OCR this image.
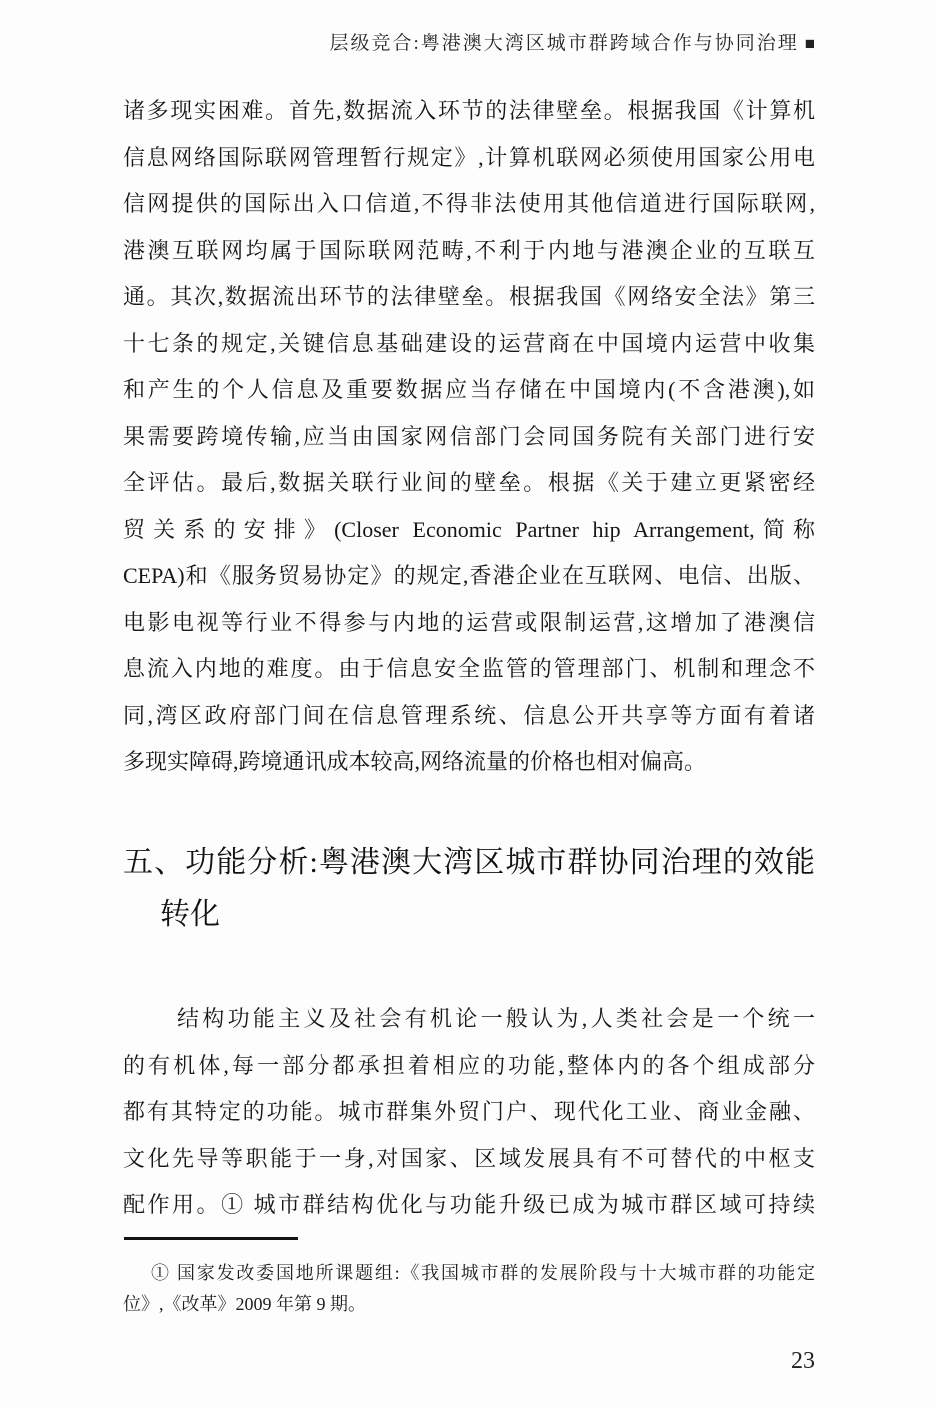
层级竞合:粤港澳大湾区城市群跨域合作与协同治理 ■
诸多现实困难。首先,数据流入环节的法律壁垒。根据我国《计算机
信息网络国际联网管理暂行规定》,计算机联网必须使用国家公用电
信网提供的国际出入口信道,不得非法使用其他信道进行国际联网,
港澳互联网均属于国际联网范畴,不利于内地与港澳企业的互联互
通。其次,数据流出环节的法律壁垒。根据我国《网络安全法》第三
十七条的规定,关键信息基础建设的运营商在中国境内运营中收集
和产生的个人信息及重要数据应当存储在中国境内(不含港澳),如
果需要跨境传输,应当由国家网信部门会同国务院有关部门进行安
全评估。最后,数据关联行业间的壁垒。根据《关于建立更紧密经
贸关系的安排》(Closer Economic Partner hip Arrangement,简称
CEPA)和《服务贸易协定》的规定,香港企业在互联网、电信、出版、
电影电视等行业不得参与内地的运营或限制运营,这增加了港澳信
息流入内地的难度。由于信息安全监管的管理部门、机制和理念不
同,湾区政府部门间在信息管理系统、信息公开共享等方面有着诸
多现实障碍,跨境通讯成本较高,网络流量的价格也相对偏高。
五、功能分析:粤港澳大湾区城市群协同治理的效能
转化
结构功能主义及社会有机论一般认为,人类社会是一个统一
的有机体,每一部分都承担着相应的功能,整体内的各个组成部分
都有其特定的功能。城市群集外贸门户、现代化工业、商业金融、
文化先导等职能于一身,对国家、区域发展具有不可替代的中枢支
配作用。① 城市群结构优化与功能升级已成为城市群区域可持续
① 国家发改委国地所课题组:《我国城市群的发展阶段与十大城市群的功能定
位》,《改革》2009 年第 9 期。
23
